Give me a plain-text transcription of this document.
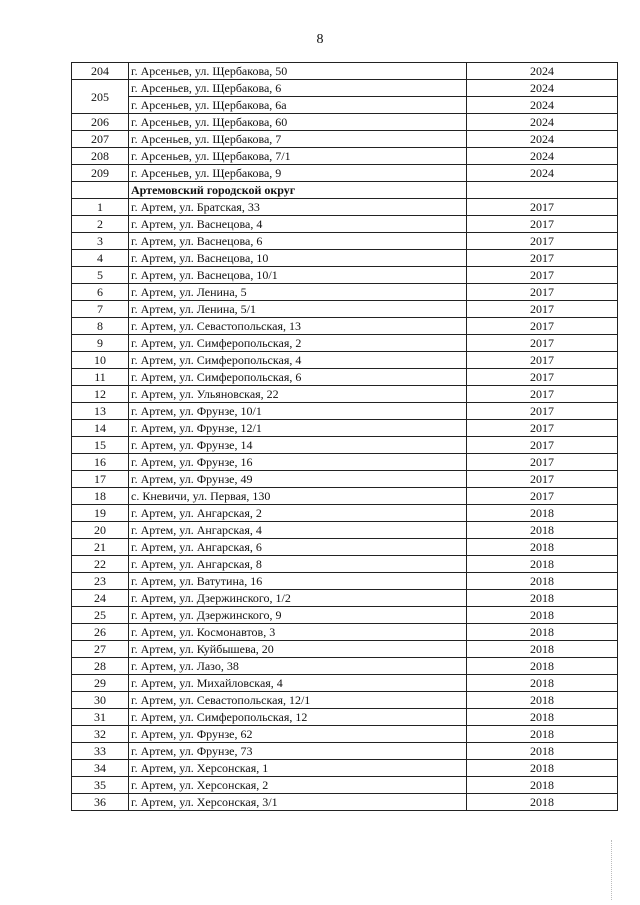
8
204	г. Арсеньев, ул. Щербакова, 50	2024
205	г. Арсеньев, ул. Щербакова, 6	2024
	г. Арсеньев, ул. Щербакова, 6а	2024
206	г. Арсеньев, ул. Щербакова, 60	2024
207	г. Арсеньев, ул. Щербакова, 7	2024
208	г. Арсеньев, ул. Щербакова, 7/1	2024
209	г. Арсеньев, ул. Щербакова, 9	2024
	Артемовский городской округ	
1	г. Артем, ул. Братская, 33	2017
2	г. Артем, ул. Васнецова, 4	2017
3	г. Артем, ул. Васнецова, 6	2017
4	г. Артем, ул. Васнецова, 10	2017
5	г. Артем, ул. Васнецова, 10/1	2017
6	г. Артем, ул. Ленина, 5	2017
7	г. Артем, ул. Ленина, 5/1	2017
8	г. Артем, ул. Севастопольская, 13	2017
9	г. Артем, ул. Симферопольская, 2	2017
10	г. Артем, ул. Симферопольская, 4	2017
11	г. Артем, ул. Симферопольская, 6	2017
12	г. Артем, ул. Ульяновская, 22	2017
13	г. Артем, ул. Фрунзе, 10/1	2017
14	г. Артем, ул. Фрунзе, 12/1	2017
15	г. Артем, ул. Фрунзе, 14	2017
16	г. Артем, ул. Фрунзе, 16	2017
17	г. Артем, ул. Фрунзе, 49	2017
18	с. Кневичи, ул. Первая, 130	2017
19	г. Артем, ул. Ангарская, 2	2018
20	г. Артем, ул. Ангарская, 4	2018
21	г. Артем, ул. Ангарская, 6	2018
22	г. Артем, ул. Ангарская, 8	2018
23	г. Артем, ул. Ватутина, 16	2018
24	г. Артем, ул. Дзержинского, 1/2	2018
25	г. Артем, ул. Дзержинского, 9	2018
26	г. Артем, ул. Космонавтов, 3	2018
27	г. Артем, ул. Куйбышева, 20	2018
28	г. Артем, ул. Лазо, 38	2018
29	г. Артем, ул. Михайловская, 4	2018
30	г. Артем, ул. Севастопольская, 12/1	2018
31	г. Артем, ул. Симферопольская, 12	2018
32	г. Артем, ул. Фрунзе, 62	2018
33	г. Артем, ул. Фрунзе, 73	2018
34	г. Артем, ул. Херсонская, 1	2018
35	г. Артем, ул. Херсонская, 2	2018
36	г. Артем, ул. Херсонская, 3/1	2018
